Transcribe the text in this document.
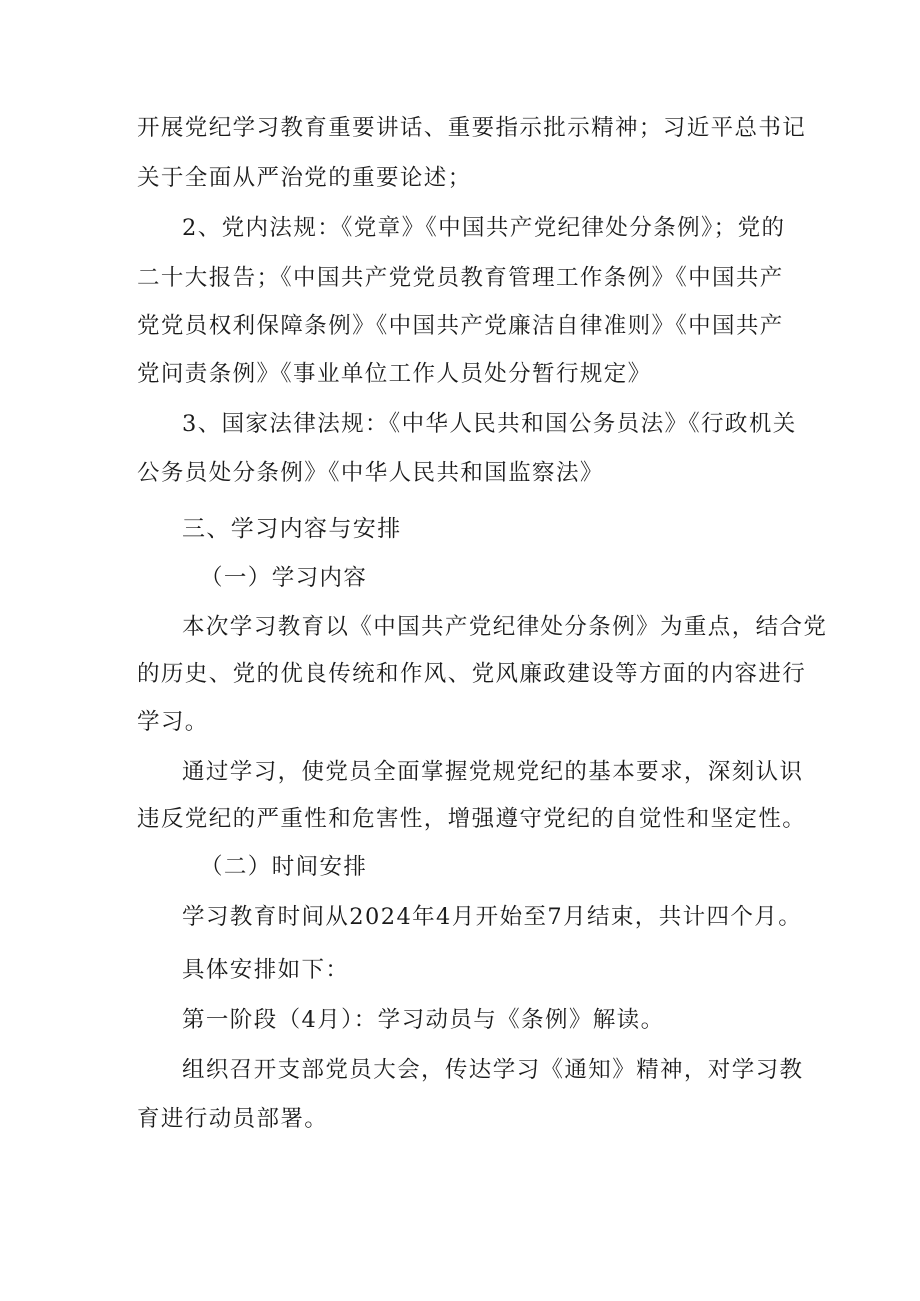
开展党纪学习教育重要讲话、重要指示批示精神；习近平总书记
关于全面从严治党的重要论述；
2、党内法规：《党章》《中国共产党纪律处分条例》；党的
二十大报告；《中国共产党党员教育管理工作条例》《中国共产
党党员权利保障条例》《中国共产党廉洁自律准则》《中国共产
党问责条例》《事业单位工作人员处分暂行规定》
3、国家法律法规：《中华人民共和国公务员法》《行政机关
公务员处分条例》《中华人民共和国监察法》
三、学习内容与安排
（一）学习内容
本次学习教育以《中国共产党纪律处分条例》为重点，结合党
的历史、党的优良传统和作风、党风廉政建设等方面的内容进行
学习。
通过学习，使党员全面掌握党规党纪的基本要求，深刻认识
违反党纪的严重性和危害性，增强遵守党纪的自觉性和坚定性。
（二）时间安排
学习教育时间从2024年4月开始至7月结束，共计四个月。
具体安排如下：
第一阶段（4月）：学习动员与《条例》解读。
组织召开支部党员大会，传达学习《通知》精神，对学习教
育进行动员部署。
